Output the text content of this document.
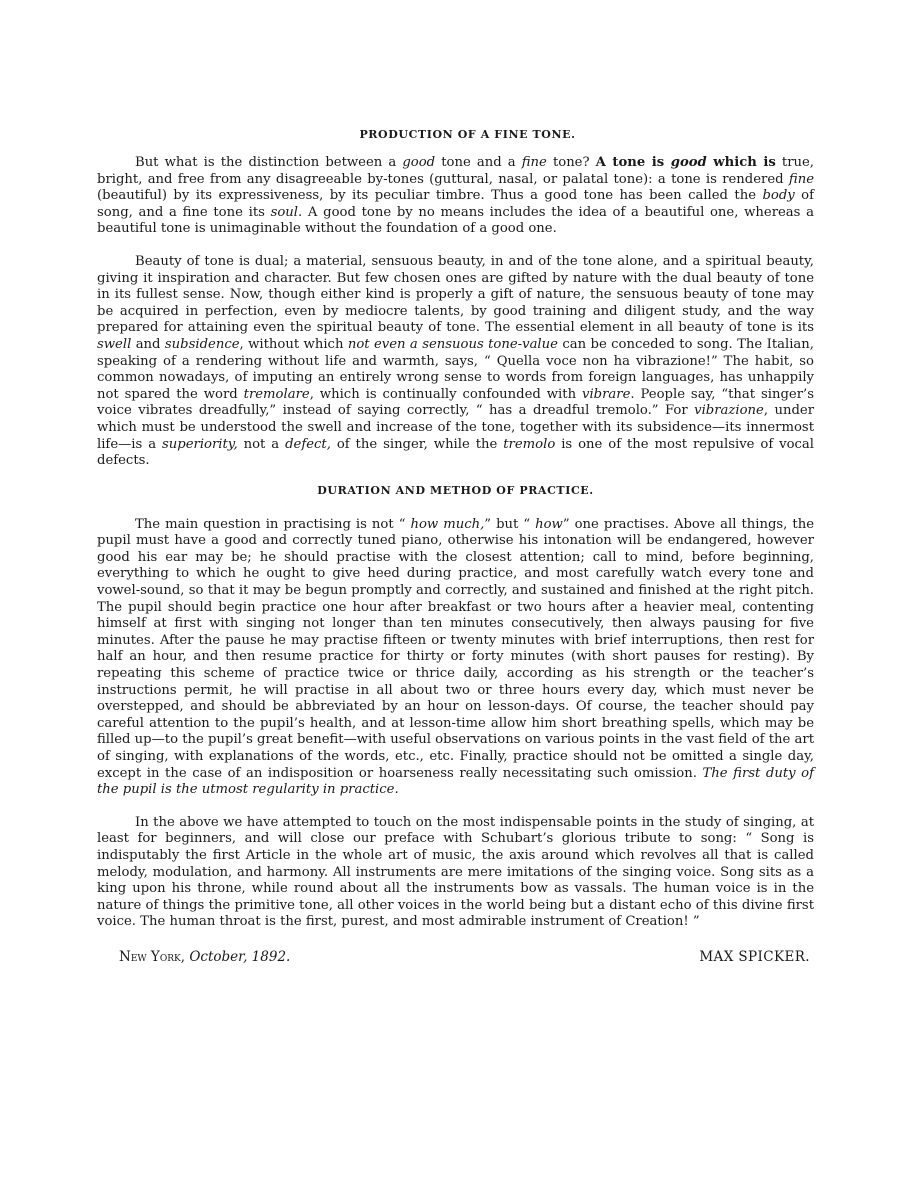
PRODUCTION OF A FINE TONE.

But what is the distinction between a good tone and a fine tone? A tone is good which is true, bright, and free from any disagreeable by-tones (guttural, nasal, or palatal tone): a tone is rendered fine (beautiful) by its expressiveness, by its peculiar timbre. Thus a good tone has been called the body of song, and a fine tone its soul. A good tone by no means includes the idea of a beautiful one, whereas a beautiful tone is unimaginable without the foundation of a good one.

Beauty of tone is dual; a material, sensuous beauty, in and of the tone alone, and a spiritual beauty, giving it inspiration and character. But few chosen ones are gifted by nature with the dual beauty of tone in its fullest sense. Now, though either kind is properly a gift of nature, the sensuous beauty of tone may be acquired in perfection, even by mediocre talents, by good training and diligent study, and the way prepared for attaining even the spiritual beauty of tone. The essential element in all beauty of tone is its swell and subsidence, without which not even a sensuous tone-value can be conceded to song. The Italian, speaking of a rendering without life and warmth, says, “ Quella voce non ha vibrazione!” The habit, so common nowadays, of imputing an entirely wrong sense to words from foreign languages, has unhappily not spared the word tremolare, which is continually confounded with vibrare. People say, “that singer’s voice vibrates dreadfully,” instead of saying correctly, “ has a dreadful tremolo.” For vibrazione, under which must be understood the swell and increase of the tone, together with its subsidence—its innermost life—is a superiority, not a defect, of the singer, while the tremolo is one of the most repulsive of vocal defects.

DURATION AND METHOD OF PRACTICE.

The main question in practising is not “ how much,” but “ how” one practises. Above all things, the pupil must have a good and correctly tuned piano, otherwise his intonation will be endangered, however good his ear may be; he should practise with the closest attention; call to mind, before beginning, everything to which he ought to give heed during practice, and most carefully watch every tone and vowel-sound, so that it may be begun promptly and correctly, and sustained and finished at the right pitch. The pupil should begin practice one hour after breakfast or two hours after a heavier meal, contenting himself at first with singing not longer than ten minutes consecutively, then always pausing for five minutes. After the pause he may practise fifteen or twenty minutes with brief interruptions, then rest for half an hour, and then resume practice for thirty or forty minutes (with short pauses for resting). By repeating this scheme of practice twice or thrice daily, according as his strength or the teacher’s instructions permit, he will practise in all about two or three hours every day, which must never be overstepped, and should be abbreviated by an hour on lesson-days. Of course, the teacher should pay careful attention to the pupil’s health, and at lesson-time allow him short breathing spells, which may be filled up—to the pupil’s great benefit—with useful observations on various points in the vast field of the art of singing, with explanations of the words, etc., etc. Finally, practice should not be omitted a single day, except in the case of an indisposition or hoarseness really necessitating such omission. The first duty of the pupil is the utmost regularity in practice.

In the above we have attempted to touch on the most indispensable points in the study of singing, at least for beginners, and will close our preface with Schubart’s glorious tribute to song: “ Song is indisputably the first Article in the whole art of music, the axis around which revolves all that is called melody, modulation, and harmony. All instruments are mere imitations of the singing voice. Song sits as a king upon his throne, while round about all the instruments bow as vassals. The human voice is in the nature of things the primitive tone, all other voices in the world being but a distant echo of this divine first voice. The human throat is the first, purest, and most admirable instrument of Creation! ”

New York, October, 1892.	MAX SPICKER.
